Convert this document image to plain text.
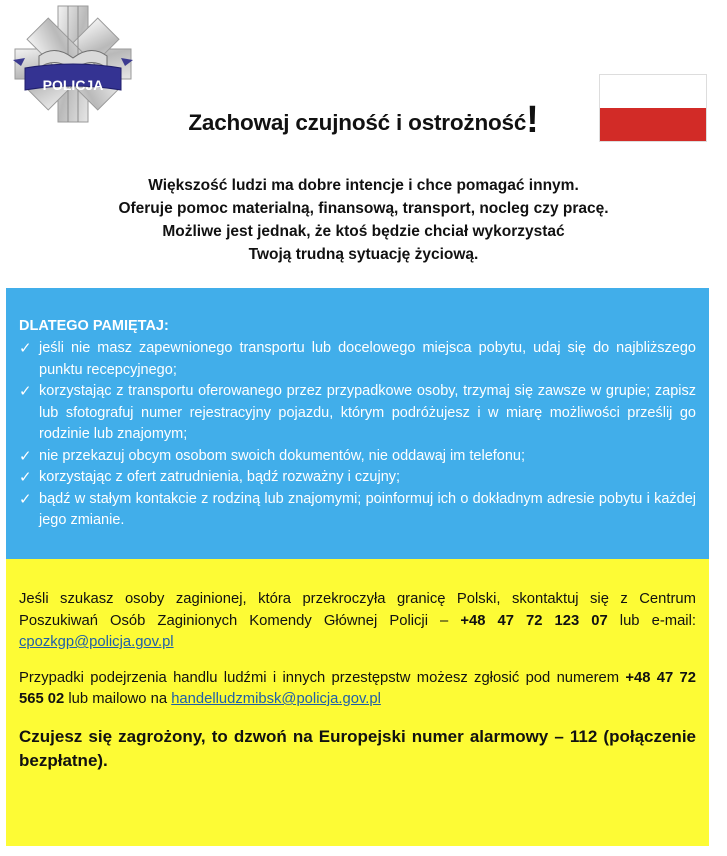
POLICJA
Zachowaj czujność i ostrożność!
Większość ludzi ma dobre intencje i chce pomagać innym.
Oferuje pomoc materialną, finansową, transport, nocleg czy pracę.
Możliwe jest jednak, że ktoś będzie chciał wykorzystać
Twoją trudną sytuację życiową.
DLATEGO PAMIĘTAJ:
✓ jeśli nie masz zapewnionego transportu lub docelowego miejsca pobytu, udaj się do najbliższego punktu recepcyjnego;
✓ korzystając z transportu oferowanego przez przypadkowe osoby, trzymaj się zawsze w grupie; zapisz lub sfotografuj numer rejestracyjny pojazdu, którym podróżujesz i w miarę możliwości prześlij go rodzinie lub znajomym;
✓ nie przekazuj obcym osobom swoich dokumentów, nie oddawaj im telefonu;
✓ korzystając z ofert zatrudnienia, bądź rozważny i czujny;
✓ bądź w stałym kontakcie z rodziną lub znajomymi; poinformuj ich o dokładnym adresie pobytu i każdej jego zmianie.
Jeśli szukasz osoby zaginionej, która przekroczyła granicę Polski, skontaktuj się z Centrum Poszukiwań Osób Zaginionych Komendy Głównej Policji – +48 47 72 123 07 lub e-mail: cpozkgp@policja.gov.pl
Przypadki podejrzenia handlu ludźmi i innych przestępstw możesz zgłosić pod numerem +48 47 72 565 02 lub mailowo na handelludzmibsk@policja.gov.pl
Czujesz się zagrożony, to dzwoń na Europejski numer alarmowy – 112 (połączenie bezpłatne).
